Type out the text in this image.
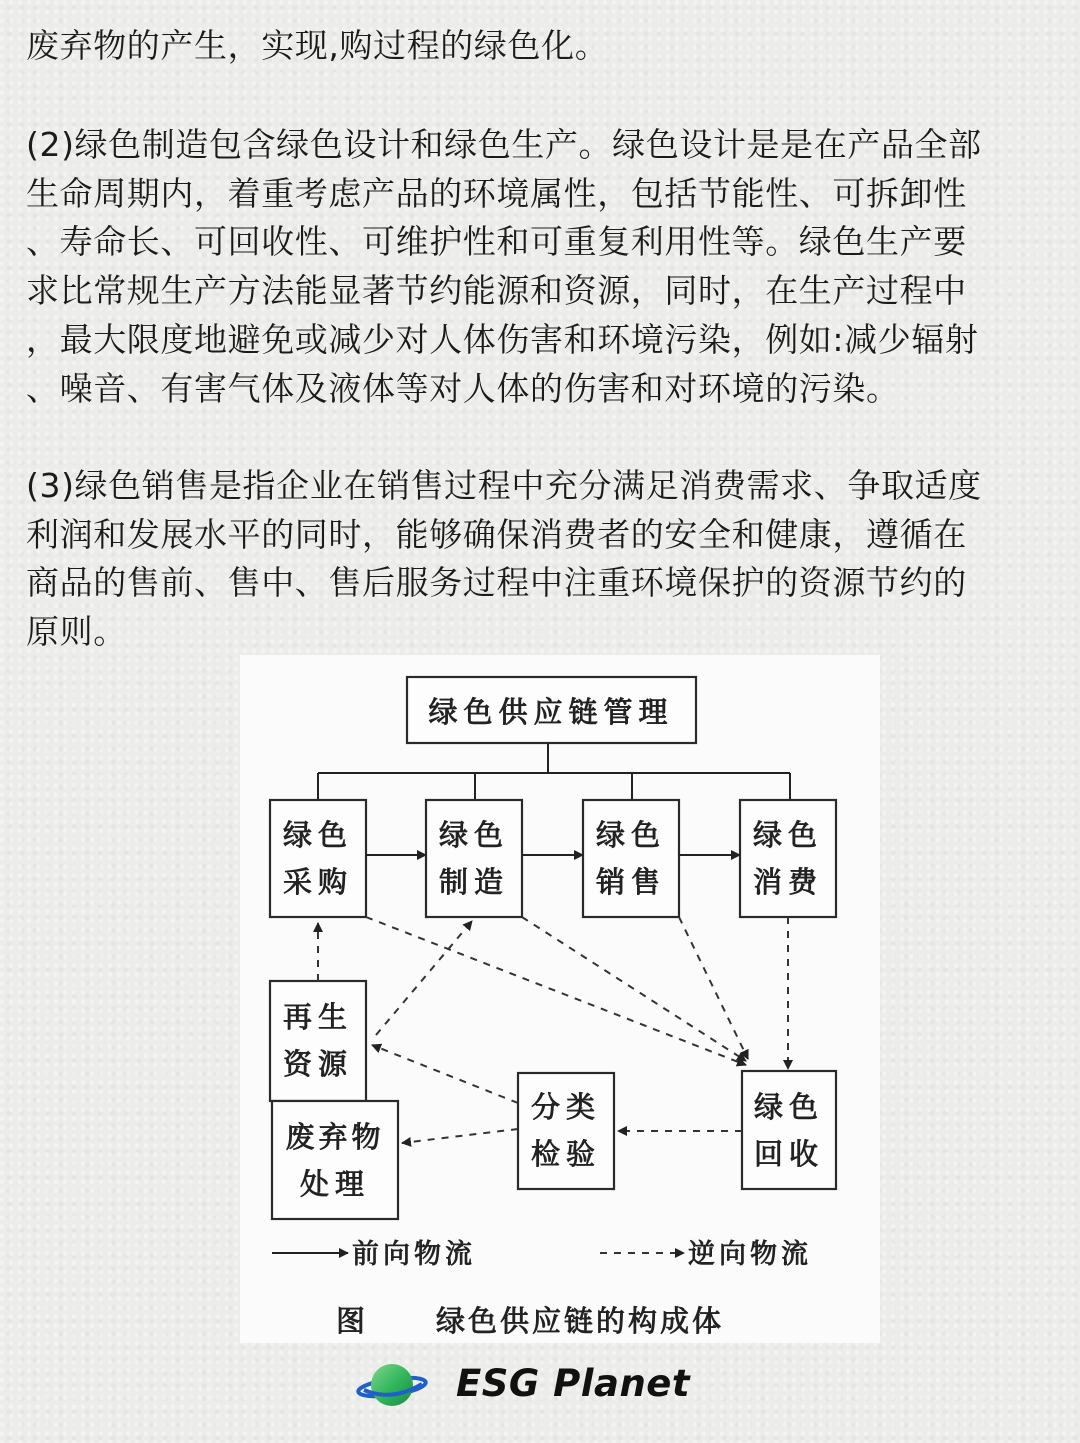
废弃物的产生，实现,购过程的绿色化。
(2)绿色制造包含绿色设计和绿色生产。绿色设计是是在产品全部
生命周期内，着重考虑产品的环境属性，包括节能性、可拆卸性
、寿命长、可回收性、可维护性和可重复利用性等。绿色生产要
求比常规生产方法能显著节约能源和资源，同时，在生产过程中
，最大限度地避免或减少对人体伤害和环境污染，例如:减少辐射
、噪音、有害气体及液体等对人体的伤害和对环境的污染。
(3)绿色销售是指企业在销售过程中充分满足消费需求、争取适度
利润和发展水平的同时，能够确保消费者的安全和健康，遵循在
商品的售前、售中、售后服务过程中注重环境保护的资源节约的
原则。
绿色供应链管理
绿色
采购
绿色
制造
绿色
销售
绿色
消费
再生
资源
废弃物
处理
分类
检验
绿色
回收
前向物流	逆向物流
图 绿色供应链的构成体
ESG Planet
